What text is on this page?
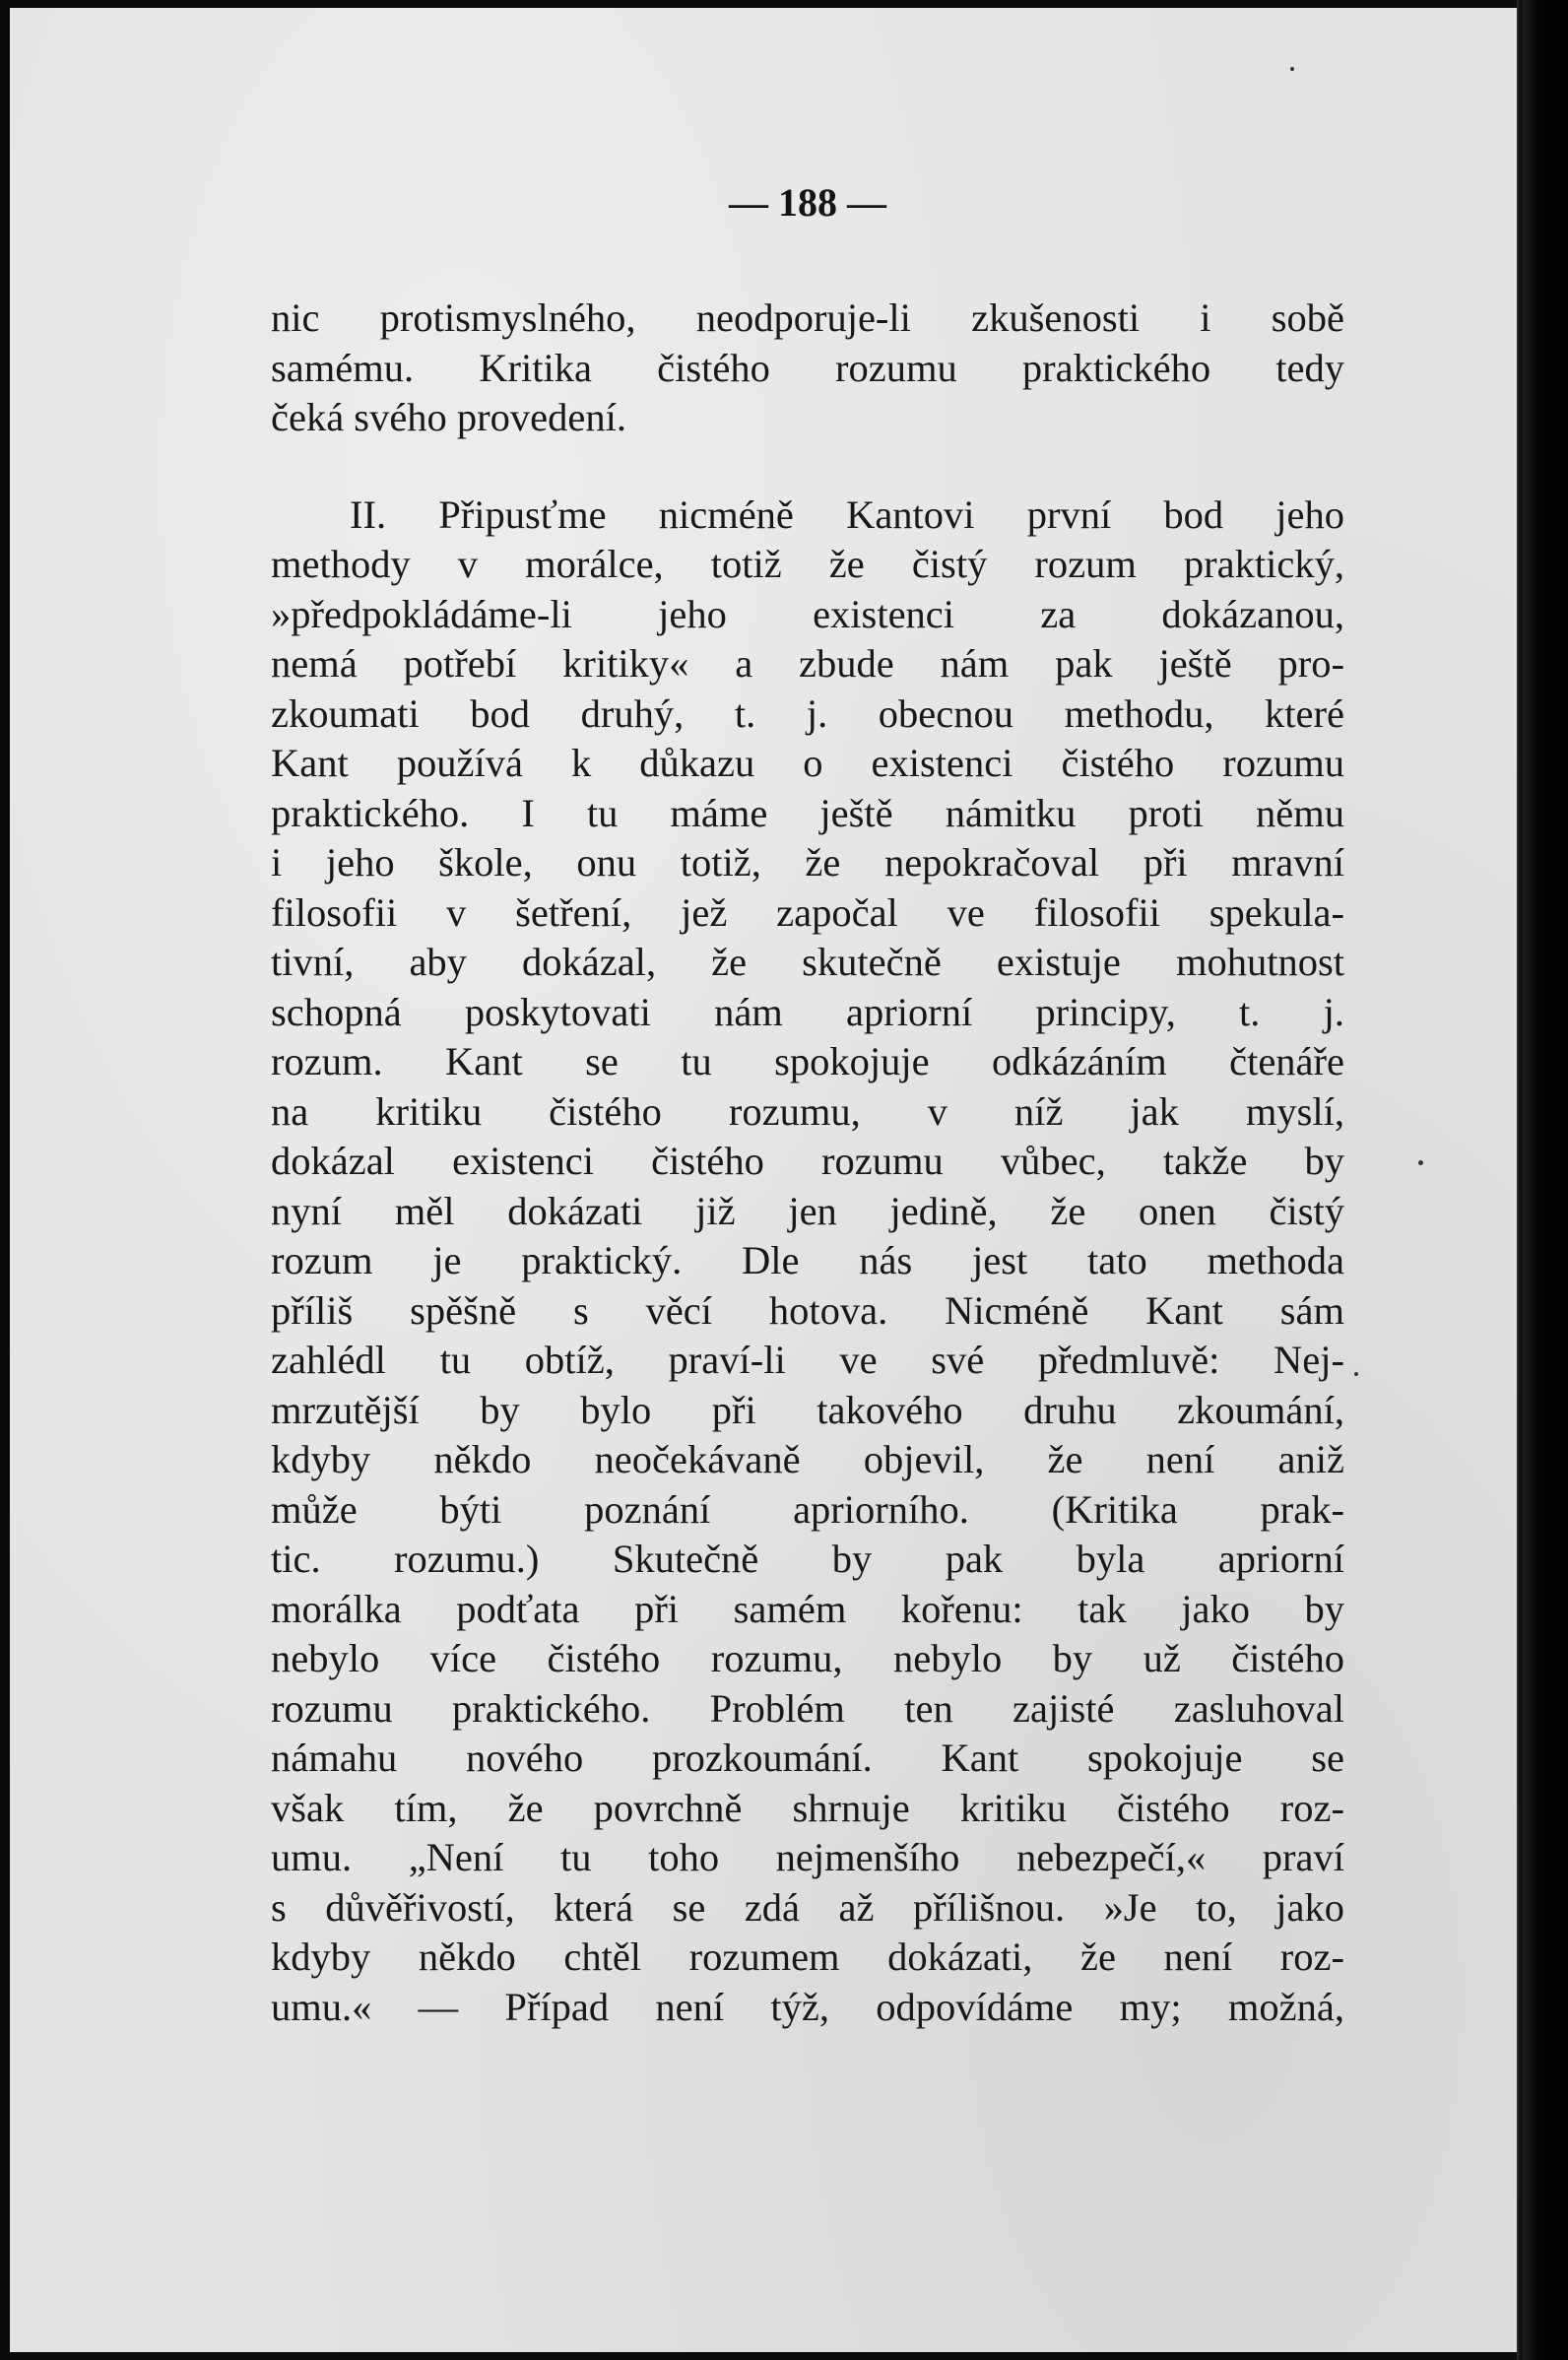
— 188 —
nic protismyslného, neodporuje-li zkušenosti i sobě
samému. Kritika čistého rozumu praktického tedy
čeká svého provedení.
II. Připusťme nicméně Kantovi první bod jeho
methody v morálce, totiž že čistý rozum praktický,
»předpokládáme-li jeho existenci za dokázanou,
nemá potřebí kritiky« a zbude nám pak ještě pro-
zkoumati bod druhý, t. j. obecnou methodu, které
Kant používá k důkazu o existenci čistého rozumu
praktického. I tu máme ještě námitku proti němu
i jeho škole, onu totiž, že nepokračoval při mravní
filosofii v šetření, jež započal ve filosofii spekula-
tivní, aby dokázal, že skutečně existuje mohutnost
schopná poskytovati nám apriorní principy, t. j.
rozum. Kant se tu spokojuje odkázáním čtenáře
na kritiku čistého rozumu, v níž jak myslí,
dokázal existenci čistého rozumu vůbec, takže by
nyní měl dokázati již jen jedině, že onen čistý
rozum je praktický. Dle nás jest tato methoda
příliš spěšně s věcí hotova. Nicméně Kant sám
zahlédl tu obtíž, praví-li ve své předmluvě: Nej-
mrzutější by bylo při takového druhu zkoumání,
kdyby někdo neočekávaně objevil, že není aniž
může býti poznání apriorního. (Kritika prak-
tic. rozumu.) Skutečně by pak byla apriorní
morálka podťata při samém kořenu: tak jako by
nebylo více čistého rozumu, nebylo by už čistého
rozumu praktického. Problém ten zajisté zasluhoval
námahu nového prozkoumání. Kant spokojuje se
však tím, že povrchně shrnuje kritiku čistého roz-
umu. „Není tu toho nejmenšího nebezpečí,« praví
s důvěřivostí, která se zdá až přílišnou. »Je to, jako
kdyby někdo chtěl rozumem dokázati, že není roz-
umu.« — Případ není týž, odpovídáme my; možná,
